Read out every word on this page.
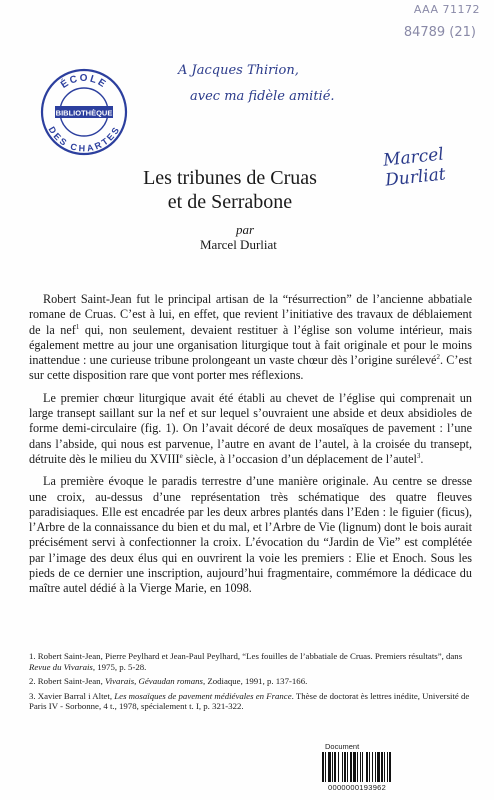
AAA 71172
84789 (21)
ÉCOLE
DES CHARTES
BIBLIOTHÈQUE
A Jacques Thirion,
avec ma fidèle amitié.
Marcel Durliat
Les tribunes de Cruas
et de Serrabone
par
Marcel Durliat

Robert Saint-Jean fut le principal artisan de la “résurrection” de l’ancienne abbatiale romane de Cruas. C’est à lui, en effet, que revient l’initiative des travaux de déblaiement de la nef$^1$ qui, non seulement, devaient restituer à l’église son volume intérieur, mais également mettre au jour une organisation liturgique tout à fait originale et pour le moins inattendue : une curieuse tribune prolongeant un vaste chœur dès l’origine surélevé$^2$. C’est sur cette disposition rare que vont porter mes réflexions.

Le premier chœur liturgique avait été établi au chevet de l’église qui comprenait un large transept saillant sur la nef et sur lequel s’ouvraient une abside et deux absidioles de forme demi-circulaire (fig. 1). On l’avait décoré de deux mosaïques de pavement : l’une dans l’abside, qui nous est parvenue, l’autre en avant de l’autel, à la croisée du transept, détruite dès le milieu du XVIIIe siècle, à l’occasion d’un déplacement de l’autel$^3$.

La première évoque le paradis terrestre d’une manière originale. Au centre se dresse une croix, au-dessus d’une représentation très schématique des quatre fleuves paradisiaques. Elle est encadrée par les deux arbres plantés dans l’Eden : le figuier (ficus), l’Arbre de la connaissance du bien et du mal, et l’Arbre de Vie (lignum) dont le bois aurait précisément servi à confectionner la croix. L’évocation du “Jardin de Vie” est complétée par l’image des deux élus qui en ouvrirent la voie les premiers : Elie et Enoch. Sous les pieds de ce dernier une inscription, aujourd’hui fragmentaire, commémore la dédicace du maître autel dédié à la Vierge Marie, en 1098.

1. Robert Saint-Jean, Pierre Peylhard et Jean-Paul Peylhard, “Les fouilles de l’abbatiale de Cruas. Premiers résultats”, dans Revue du Vivarais, 1975, p. 5-28.

2. Robert Saint-Jean, Vivarais, Gévaudan romans, Zodiaque, 1991, p. 137-166.

3. Xavier Barral i Altet, Les mosaïques de pavement médiévales en France. Thèse de doctorat ès lettres inédite, Université de Paris IV - Sorbonne, 4 t., 1978, spécialement t. I, p. 321-322.

Document
0000000193962
